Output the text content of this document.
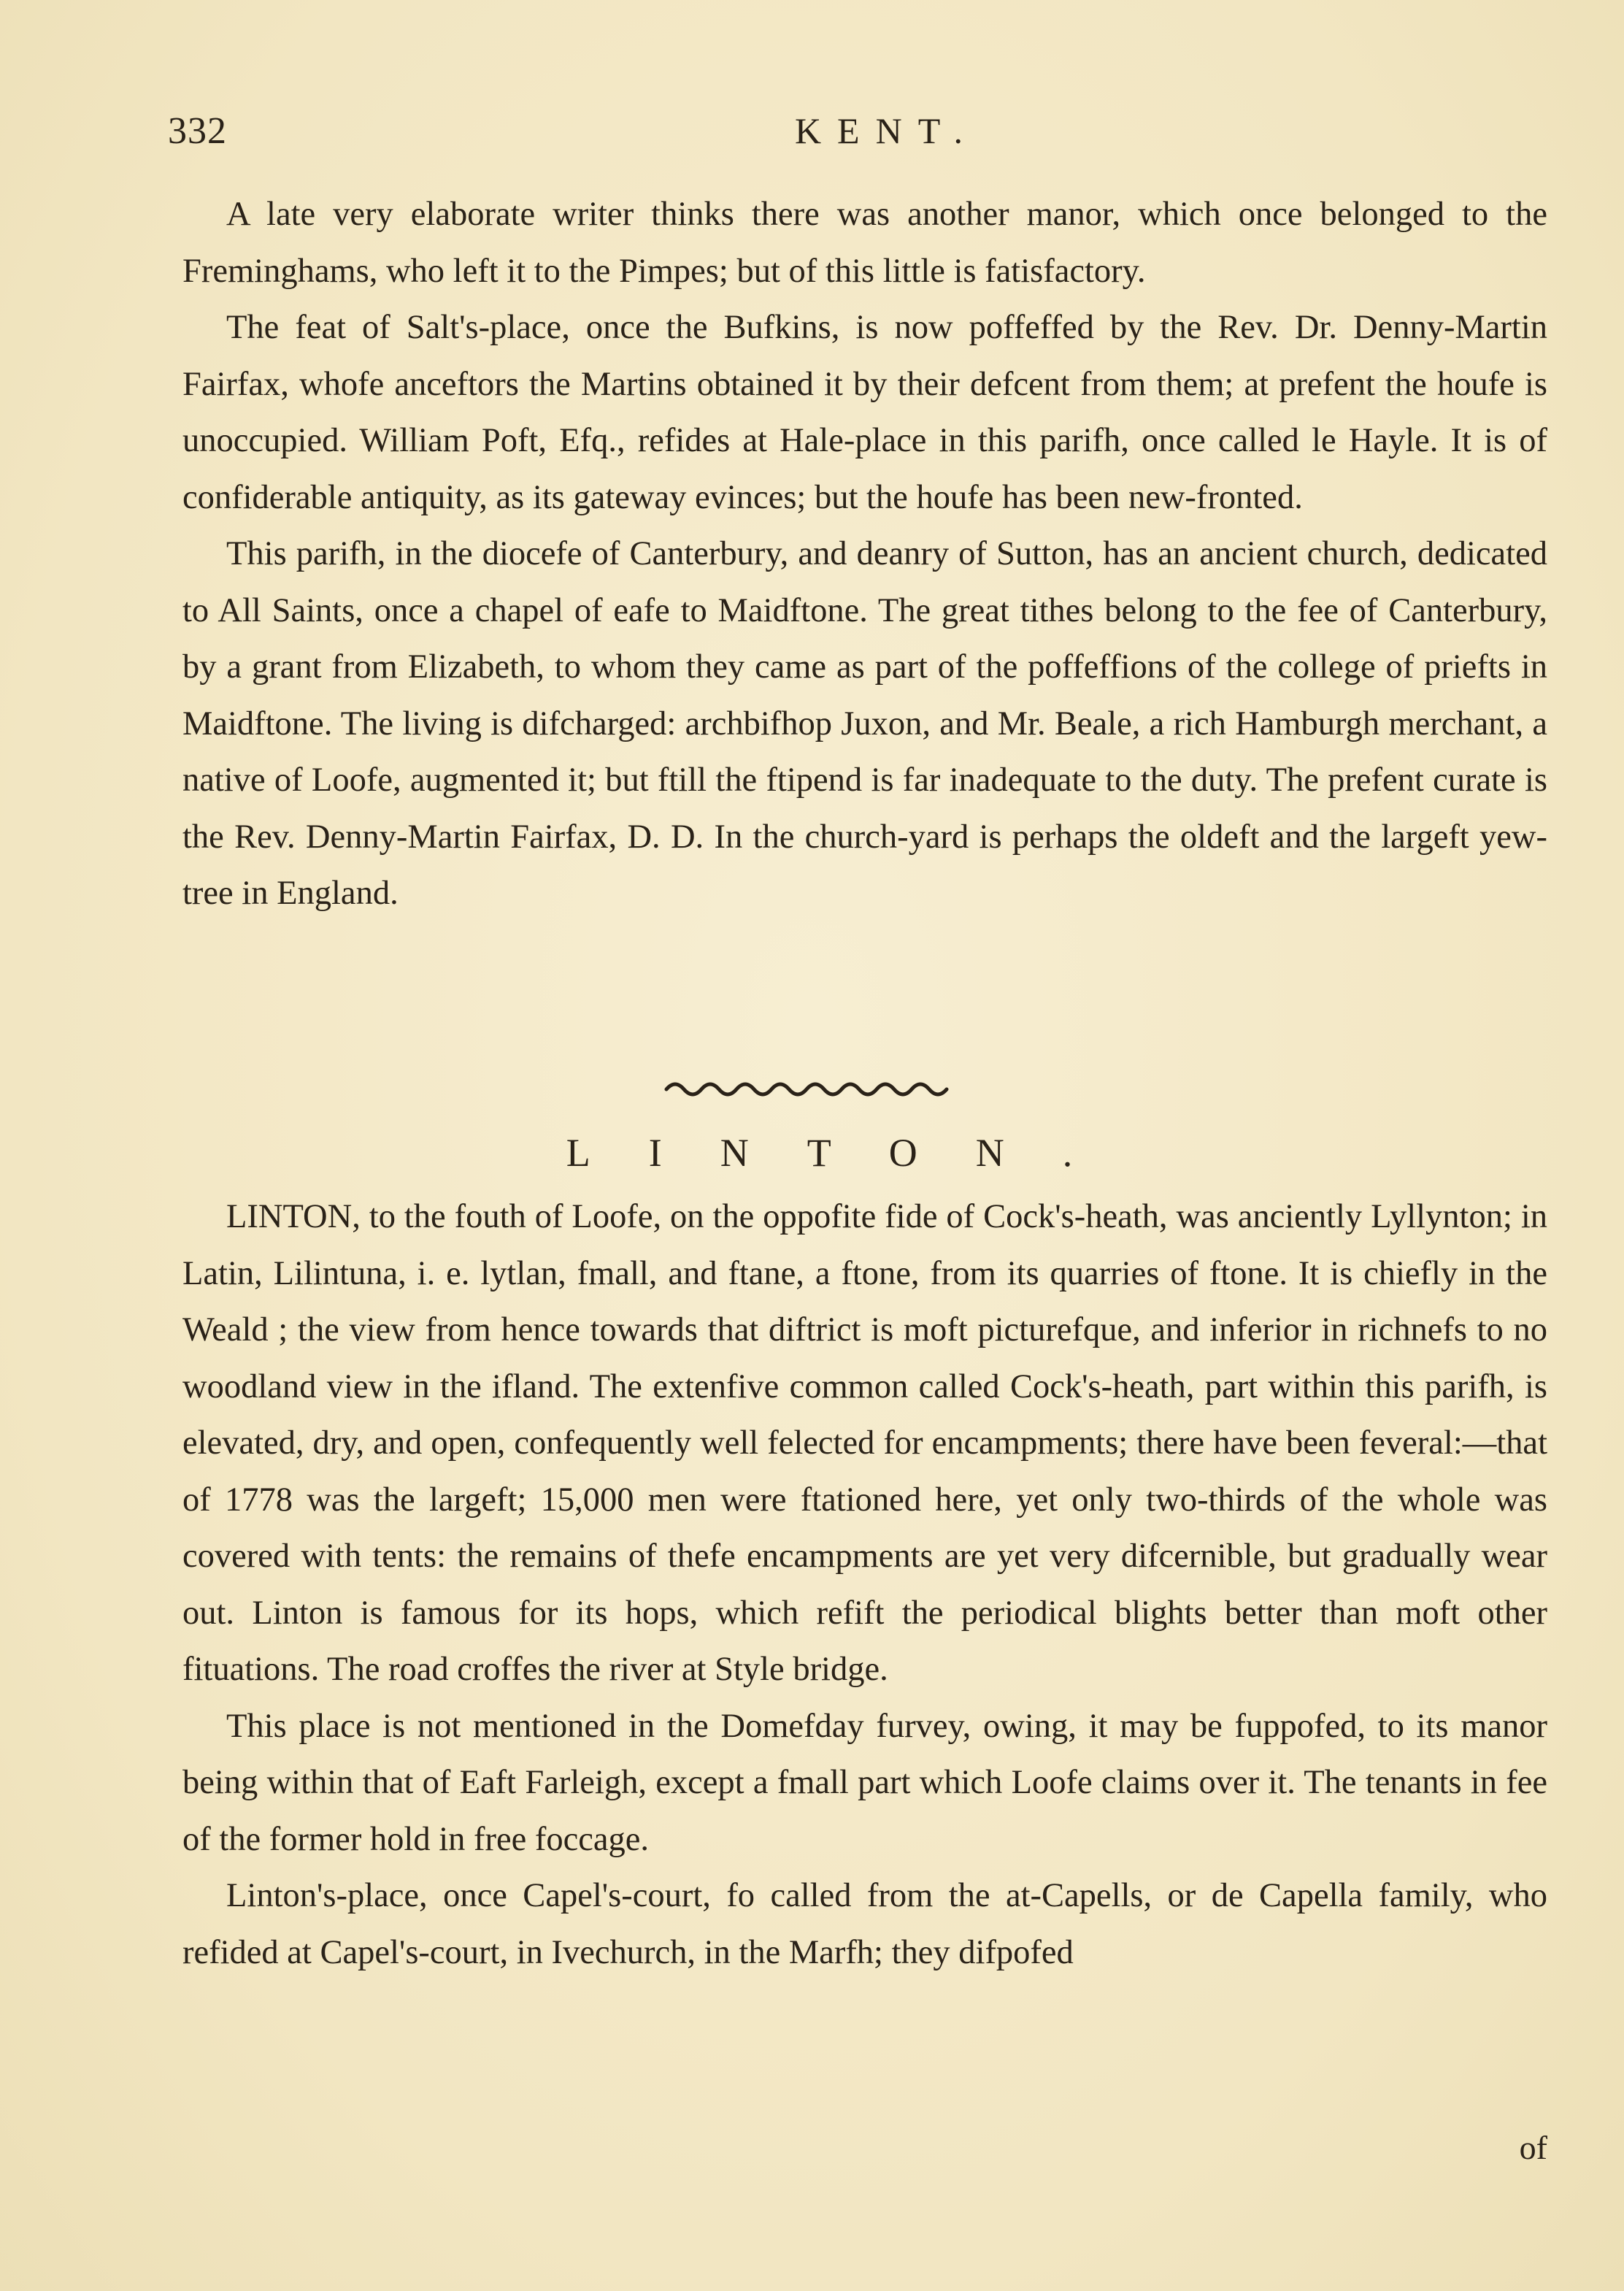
332	KENT.

A late very elaborate writer thinks there was another manor, which once belonged to the Freminghams, who left it to the Pimpes; but of this little is fatisfactory.

The feat of Salt's-place, once the Bufkins, is now poffeffed by the Rev. Dr. Denny-Martin Fairfax, whofe anceftors the Martins obtained it by their defcent from them; at prefent the houfe is unoccupied. William Poft, Efq., refides at Hale-place in this parifh, once called le Hayle. It is of confiderable antiquity, as its gateway evinces; but the houfe has been new-fronted.

This parifh, in the diocefe of Canterbury, and deanry of Sutton, has an ancient church, dedicated to All Saints, once a chapel of eafe to Maidftone. The great tithes belong to the fee of Canterbury, by a grant from Elizabeth, to whom they came as part of the poffeffions of the college of priefts in Maidftone. The living is difcharged: archbifhop Juxon, and Mr. Beale, a rich Hamburgh merchant, a native of Loofe, augmented it; but ftill the ftipend is far inadequate to the duty. The prefent curate is the Rev. Denny-Martin Fairfax, D. D. In the church-yard is perhaps the oldeft and the largeft yew-tree in England.

LINTON.

LINTON, to the fouth of Loofe, on the oppofite fide of Cock's-heath, was anciently Lyllynton; in Latin, Lilintuna, i. e. lytlan, fmall, and ftane, a ftone, from its quarries of ftone. It is chiefly in the Weald ; the view from hence towards that diftrict is moft picturefque, and inferior in richnefs to no woodland view in the ifland. The extenfive common called Cock's-heath, part within this parifh, is elevated, dry, and open, confequently well felected for encampments; there have been feveral:—that of 1778 was the largeft; 15,000 men were ftationed here, yet only two-thirds of the whole was covered with tents: the remains of thefe encampments are yet very difcernible, but gradually wear out. Linton is famous for its hops, which refift the periodical blights better than moft other fituations. The road croffes the river at Style bridge.

This place is not mentioned in the Domefday furvey, owing, it may be fuppofed, to its manor being within that of Eaft Farleigh, except a fmall part which Loofe claims over it. The tenants in fee of the former hold in free foccage.

Linton's-place, once Capel's-court, fo called from the at-Capells, or de Capella family, who refided at Capel's-court, in Ivechurch, in the Marfh; they difpofed

of
